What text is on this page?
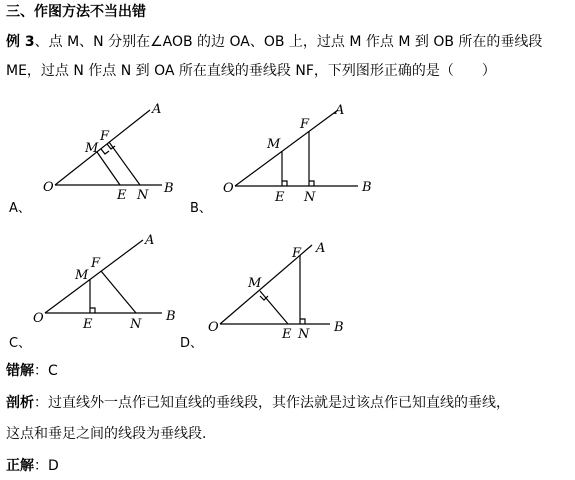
三、作图方法不当出错
例 3、点 M、N 分别在∠AOB 的边 OA、OB 上，过点 M 作点 M 到 OB 所在的垂线段
ME，过点 N 作点 N 到 OA 所在直线的垂线段 NF，下列图形正确的是（　　）
O
M
F
A
E N B
A、
O
M
F
A
E N
B
B、
O
M
F
A
E	N
B
C、
O
M
F A
E N B
D、
错解：C
剖析：过直线外一点作已知直线的垂线段，其作法就是过该点作已知直线的垂线，
这点和垂足之间的线段为垂线段.
正解：D
